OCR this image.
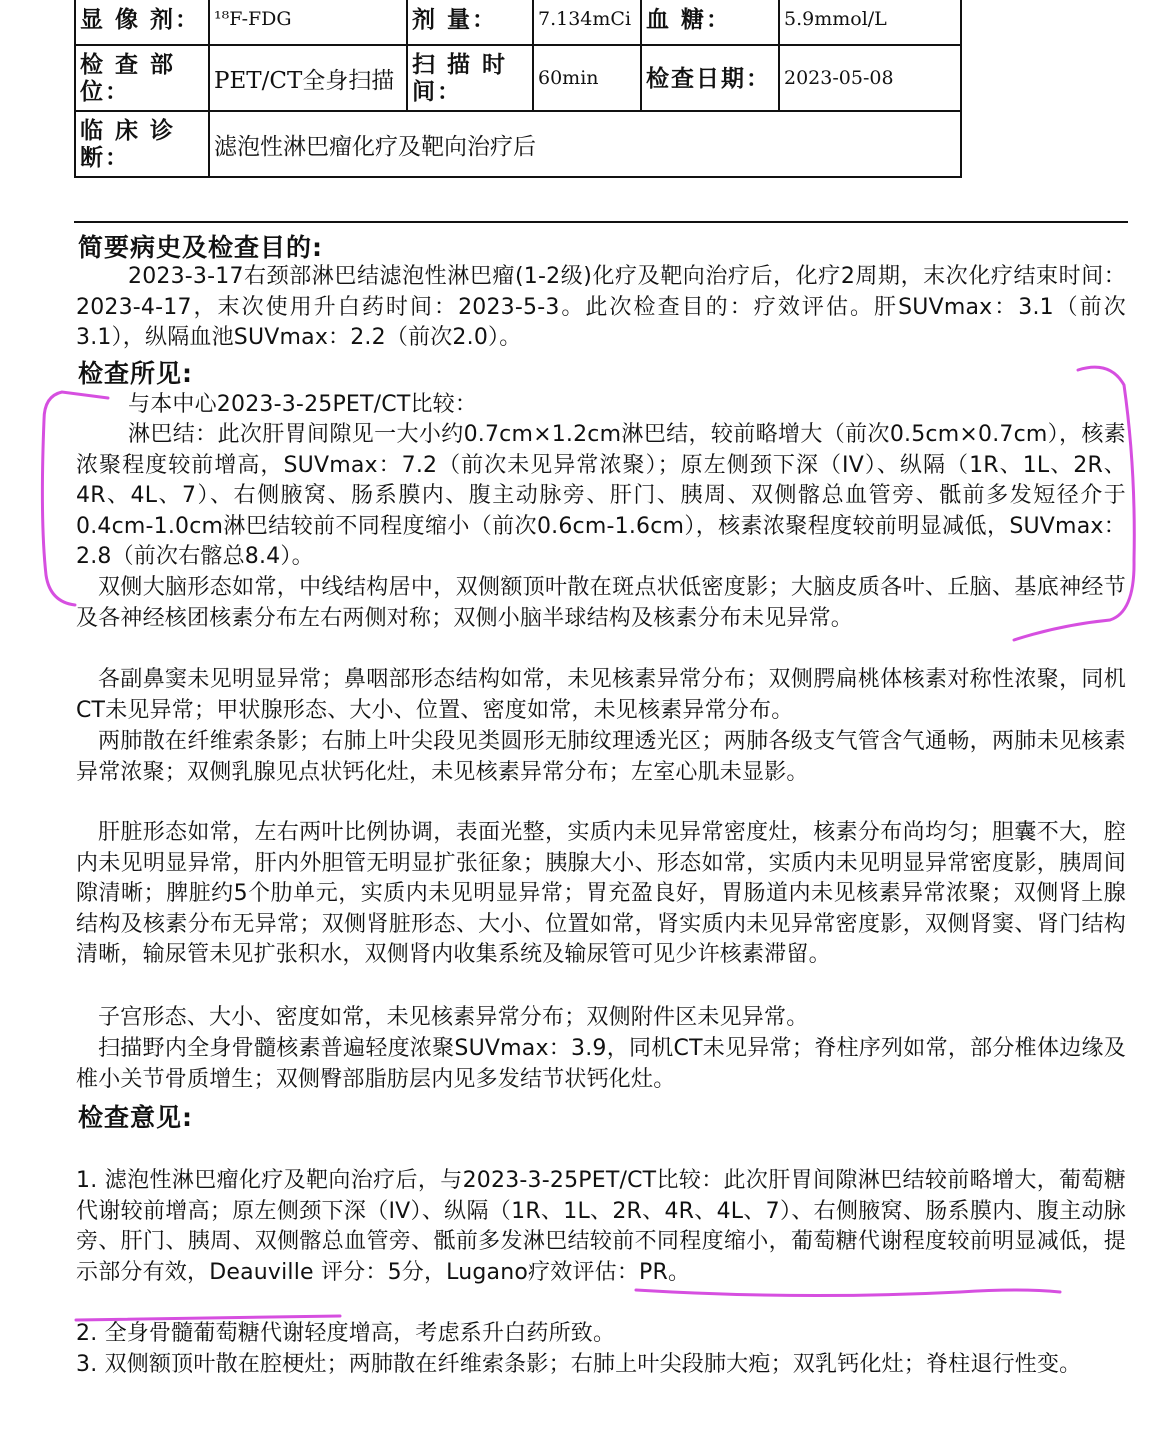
显 像 剂：	¹⁸F-FDG	剂 量：	7.134mCi	血 糖：	5.9mmol/L
检 查 部位：	PET/CT全身扫描	扫 描 时间：	60min	检查日期：	2023-05-08
临 床 诊断：	滤泡性淋巴瘤化疗及靶向治疗后				
简要病史及检查目的:
2023-3-17右颈部淋巴结滤泡性淋巴瘤(1-2级)化疗及靶向治疗后，化疗2周期，末次化疗结束时间：2023-4-17，末次使用升白药时间：2023-5-3。此次检查目的：疗效评估。肝SUVmax：3.1（前次3.1），纵隔血池SUVmax：2.2（前次2.0）。
检查所见:
与本中心2023-3-25PET/CT比较：
淋巴结：此次肝胃间隙见一大小约0.7cm×1.2cm淋巴结，较前略增大（前次0.5cm×0.7cm），核素浓聚程度较前增高，SUVmax：7.2（前次未见异常浓聚）；原左侧颈下深（IV）、纵隔（1R、1L、2R、4R、4L、7）、右侧腋窝、肠系膜内、腹主动脉旁、肝门、胰周、双侧髂总血管旁、骶前多发短径介于0.4cm-1.0cm淋巴结较前不同程度缩小（前次0.6cm-1.6cm），核素浓聚程度较前明显减低，SUVmax：2.8（前次右髂总8.4）。
双侧大脑形态如常，中线结构居中，双侧额顶叶散在斑点状低密度影；大脑皮质各叶、丘脑、基底神经节及各神经核团核素分布左右两侧对称；双侧小脑半球结构及核素分布未见异常。
各副鼻窦未见明显异常；鼻咽部形态结构如常，未见核素异常分布；双侧腭扁桃体核素对称性浓聚，同机CT未见异常；甲状腺形态、大小、位置、密度如常，未见核素异常分布。
两肺散在纤维索条影；右肺上叶尖段见类圆形无肺纹理透光区；两肺各级支气管含气通畅，两肺未见核素异常浓聚；双侧乳腺见点状钙化灶，未见核素异常分布；左室心肌未显影。
肝脏形态如常，左右两叶比例协调，表面光整，实质内未见异常密度灶，核素分布尚均匀；胆囊不大，腔内未见明显异常，肝内外胆管无明显扩张征象；胰腺大小、形态如常，实质内未见明显异常密度影，胰周间隙清晰；脾脏约5个肋单元，实质内未见明显异常；胃充盈良好，胃肠道内未见核素异常浓聚；双侧肾上腺结构及核素分布无异常；双侧肾脏形态、大小、位置如常，肾实质内未见异常密度影，双侧肾窦、肾门结构清晰，输尿管未见扩张积水，双侧肾内收集系统及输尿管可见少许核素滞留。
子宫形态、大小、密度如常，未见核素异常分布；双侧附件区未见异常。
扫描野内全身骨髓核素普遍轻度浓聚SUVmax：3.9，同机CT未见异常；脊柱序列如常，部分椎体边缘及椎小关节骨质增生；双侧臀部脂肪层内见多发结节状钙化灶。
检查意见:
1. 滤泡性淋巴瘤化疗及靶向治疗后，与2023-3-25PET/CT比较：此次肝胃间隙淋巴结较前略增大，葡萄糖代谢较前增高；原左侧颈下深（IV）、纵隔（1R、1L、2R、4R、4L、7）、右侧腋窝、肠系膜内、腹主动脉旁、肝门、胰周、双侧髂总血管旁、骶前多发淋巴结较前不同程度缩小，葡萄糖代谢程度较前明显减低，提示部分有效，Deauville 评分：5分，Lugano疗效评估：PR。
2. 全身骨髓葡萄糖代谢轻度增高，考虑系升白药所致。
3. 双侧额顶叶散在腔梗灶；两肺散在纤维索条影；右肺上叶尖段肺大疱；双乳钙化灶；脊柱退行性变。
